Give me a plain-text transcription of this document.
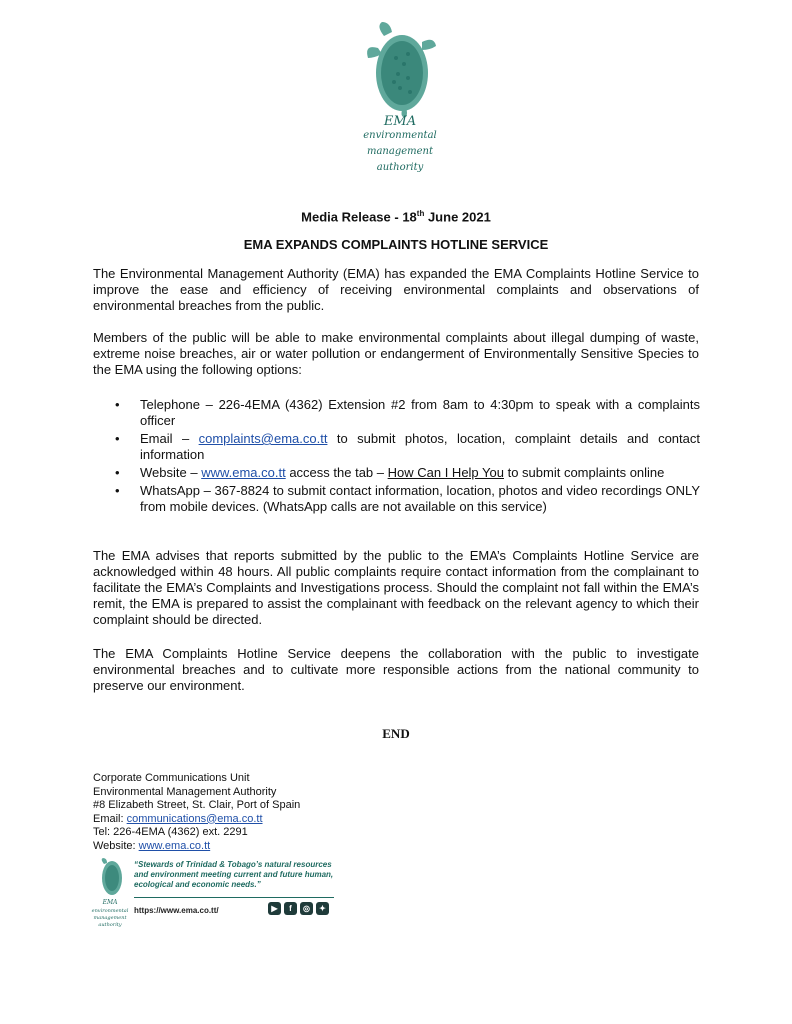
EMA
environmental
management
authority
Media Release - 18th June 2021
EMA EXPANDS COMPLAINTS HOTLINE SERVICE
The Environmental Management Authority (EMA) has expanded the EMA Complaints Hotline Service to improve the ease and efficiency of receiving environmental complaints and observations of environmental breaches from the public.
Members of the public will be able to make environmental complaints about illegal dumping of waste, extreme noise breaches, air or water pollution or endangerment of Environmentally Sensitive Species to the EMA using the following options:
• Telephone – 226-4EMA (4362) Extension #2 from 8am to 4:30pm to speak with a complaints officer
• Email – complaints@ema.co.tt to submit photos, location, complaint details and contact information
• Website – www.ema.co.tt access the tab – How Can I Help You to submit complaints online
• WhatsApp – 367-8824 to submit contact information, location, photos and video recordings ONLY from mobile devices. (WhatsApp calls are not available on this service)
The EMA advises that reports submitted by the public to the EMA’s Complaints Hotline Service are acknowledged within 48 hours. All public complaints require contact information from the complainant to facilitate the EMA’s Complaints and Investigations process. Should the complaint not fall within the EMA’s remit, the EMA is prepared to assist the complainant with feedback on the relevant agency to which their complaint should be directed.
The EMA Complaints Hotline Service deepens the collaboration with the public to investigate environmental breaches and to cultivate more responsible actions from the national community to preserve our environment.
END
Corporate Communications Unit
Environmental Management Authority
#8 Elizabeth Street, St. Clair, Port of Spain
Email: communications@ema.co.tt
Tel: 226-4EMA (4362) ext. 2291
Website: www.ema.co.tt
EMA
environmental
management
authority
“Stewards of Trinidad & Tobago’s natural resources and environment meeting current and future human, ecological and economic needs.”
https://www.ema.co.tt/	▶	f	◎	✦
